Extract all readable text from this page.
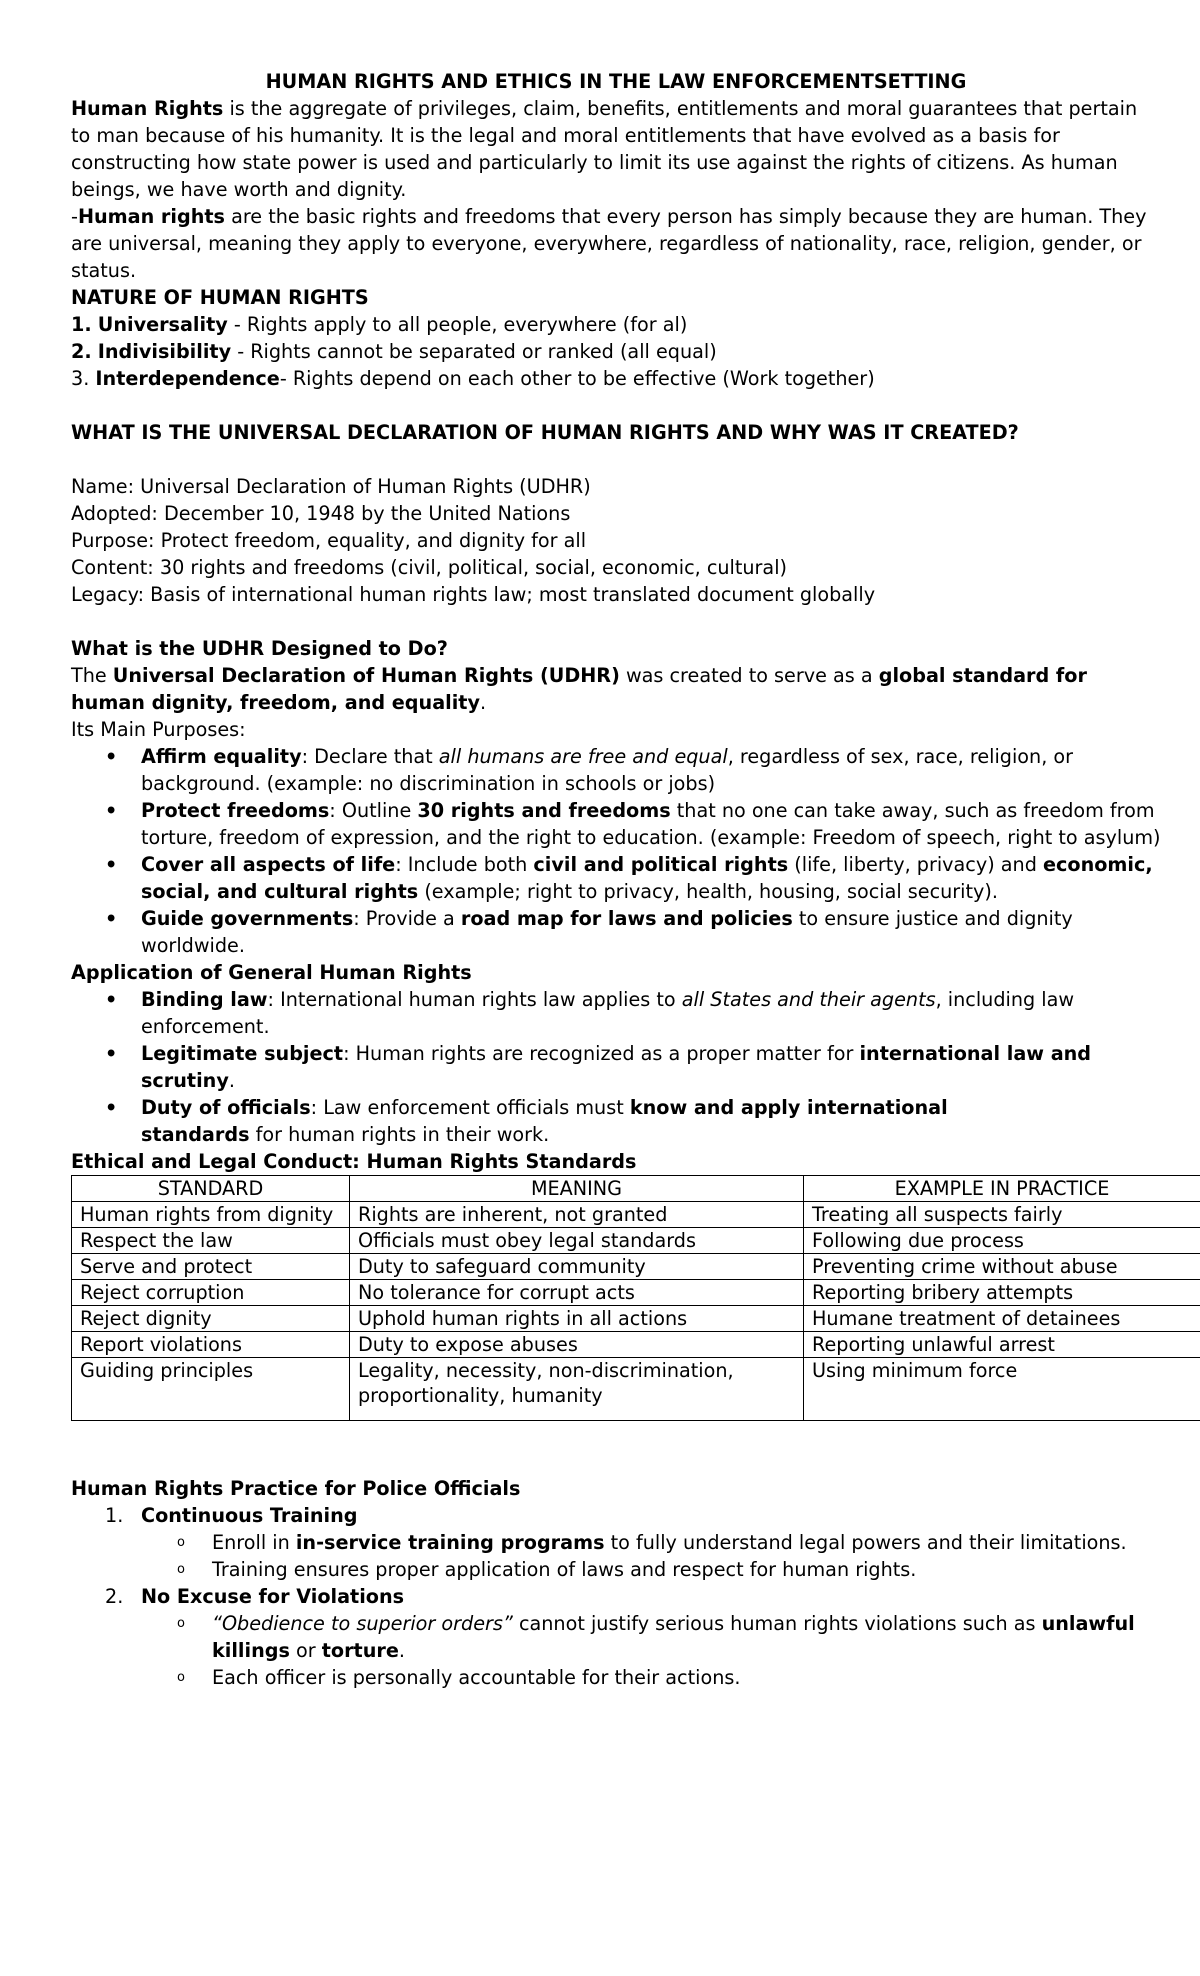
HUMAN RIGHTS AND ETHICS IN THE LAW ENFORCEMENTSETTING

Human Rights is the aggregate of privileges, claim, benefits, entitlements and moral guarantees that pertain to man because of his humanity. It is the legal and moral entitlements that have evolved as a basis for constructing how state power is used and particularly to limit its use against the rights of citizens. As human beings, we have worth and dignity.

-Human rights are the basic rights and freedoms that every person has simply because they are human. They are universal, meaning they apply to everyone, everywhere, regardless of nationality, race, religion, gender, or status.

NATURE OF HUMAN RIGHTS

1. Universality - Rights apply to all people, everywhere (for al)

2. Indivisibility - Rights cannot be separated or ranked (all equal)

3. Interdependence- Rights depend on each other to be effective (Work together)

WHAT IS THE UNIVERSAL DECLARATION OF HUMAN RIGHTS AND WHY WAS IT CREATED?

Name: Universal Declaration of Human Rights (UDHR)

Adopted: December 10, 1948 by the United Nations

Purpose: Protect freedom, equality, and dignity for all

Content: 30 rights and freedoms (civil, political, social, economic, cultural)

Legacy: Basis of international human rights law; most translated document globally

What is the UDHR Designed to Do?

The Universal Declaration of Human Rights (UDHR) was created to serve as a global standard for human dignity, freedom, and equality.

Its Main Purposes:

• Affirm equality: Declare that all humans are free and equal, regardless of sex, race, religion, or background. (example: no discrimination in schools or jobs)
• Protect freedoms: Outline 30 rights and freedoms that no one can take away, such as freedom from torture, freedom of expression, and the right to education. (example: Freedom of speech, right to asylum)
• Cover all aspects of life: Include both civil and political rights (life, liberty, privacy) and economic, social, and cultural rights (example; right to privacy, health, housing, social security).
• Guide governments: Provide a road map for laws and policies to ensure justice and dignity worldwide.

Application of General Human Rights

• Binding law: International human rights law applies to all States and their agents, including law enforcement.
• Legitimate subject: Human rights are recognized as a proper matter for international law and scrutiny.
• Duty of officials: Law enforcement officials must know and apply international
standards for human rights in their work.

Ethical and Legal Conduct: Human Rights Standards

STANDARD	MEANING	EXAMPLE IN PRACTICE
Human rights from dignity	Rights are inherent, not granted	Treating all suspects fairly
Respect the law	Officials must obey legal standards	Following due process
Serve and protect	Duty to safeguard community	Preventing crime without abuse
Reject corruption	No tolerance for corrupt acts	Reporting bribery attempts
Reject dignity	Uphold human rights in all actions	Humane treatment of detainees
Report violations	Duty to expose abuses	Reporting unlawful arrest
Guiding principles	Legality, necessity, non-discrimination, proportionality, humanity	Using minimum force

Human Rights Practice for Police Officials

1. Continuous Training
o Enroll in in-service training programs to fully understand legal powers and their limitations.
o Training ensures proper application of laws and respect for human rights.
2. No Excuse for Violations
o “Obedience to superior orders” cannot justify serious human rights violations such as unlawful killings or torture.
o Each officer is personally accountable for their actions.
